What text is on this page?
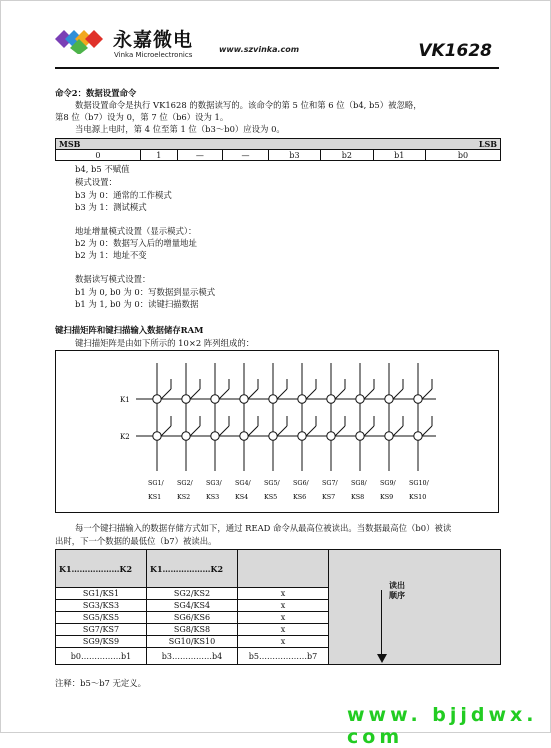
永嘉微电
Vinka Microelectronics
www.szvinka.com	VK1628
命令2：数据设置命令
数据设置命令是执行 VK1628 的数据读写的。该命令的第 5 位和第 6 位（b4, b5）被忽略，
第8 位（b7）设为 0，第 7 位（b6）设为 1。
当电源上电时，第 4 位至第 1 位（b3～b0）应设为 0。
MSB							LSB
0	1	—	—	b3	b2	b1	b0
b4, b5 不赋值
模式设置：
b3 为 0：通常的工作模式
b3 为 1：测试模式
地址增量模式设置（显示模式）：
b2 为 0：数据写入后的增量地址
b2 为 1：地址不变
数据读写模式设置：
b1 为 0, b0 为 0：写数据到显示模式
b1 为 1, b0 为 0：读键扫描数据
键扫描矩阵和键扫描输入数据储存RAM
键扫描矩阵是由如下所示的 10×2 阵列组成的：
K1
K2
SG1/
KS1
SG2/
KS2
SG3/
KS3
SG4/
KS4
SG5/
KS5
SG6/
KS6
SG7/
KS7
SG8/
KS8
SG9/
KS9
SG10/
KS10
每一个键扫描输入的数据存储方式如下，通过 READ 命令从最高位被读出。当数据最高位（b0）被读
出时，下一个数据的最低位（b7）被读出。
K1………………K2	K1………………K2		读出
顺序

SG1/KS1	SG2/KS2	x	
SG3/KS3	SG4/KS4	x	
SG5/KS5	SG6/KS6	x	
SG7/KS7	SG8/KS8	x	
SG9/KS9	SG10/KS10	x	
b0……………b1	b3……………b4	b5………………b7	
注释：b5～b7 无定义。
www. bjjdwx. com
